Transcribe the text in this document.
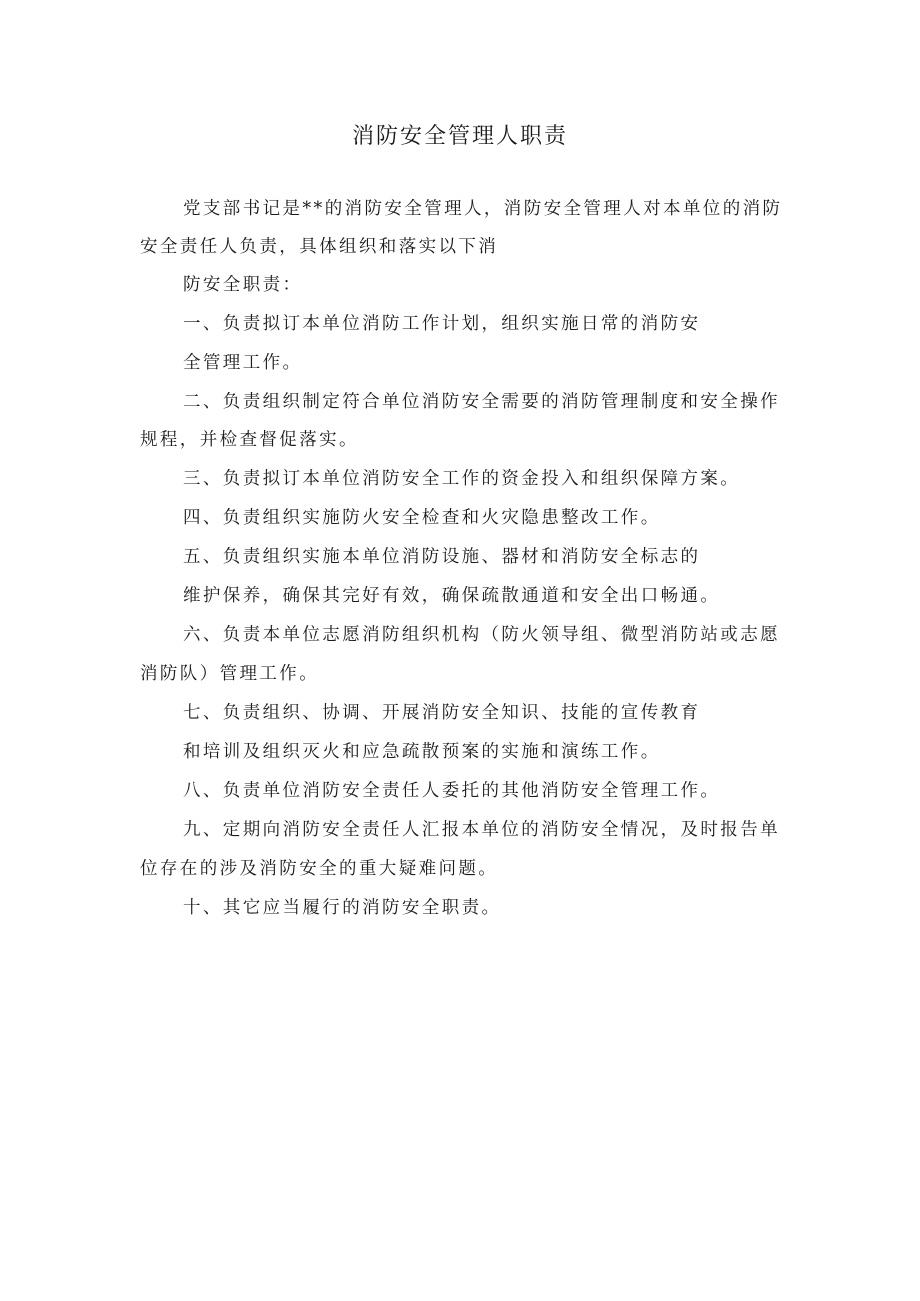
消防安全管理人职责
党支部书记是**的消防安全管理人，消防安全管理人对本单位的消防
安全责任人负责，具体组织和落实以下消
防安全职责：
一、负责拟订本单位消防工作计划，组织实施日常的消防安
全管理工作。
二、负责组织制定符合单位消防安全需要的消防管理制度和安全操作
规程，并检查督促落实。
三、负责拟订本单位消防安全工作的资金投入和组织保障方案。
四、负责组织实施防火安全检查和火灾隐患整改工作。
五、负责组织实施本单位消防设施、器材和消防安全标志的
维护保养，确保其完好有效，确保疏散通道和安全出口畅通。
六、负责本单位志愿消防组织机构（防火领导组、微型消防站或志愿
消防队）管理工作。
七、负责组织、协调、开展消防安全知识、技能的宣传教育
和培训及组织灭火和应急疏散预案的实施和演练工作。
八、负责单位消防安全责任人委托的其他消防安全管理工作。
九、定期向消防安全责任人汇报本单位的消防安全情况，及时报告单
位存在的涉及消防安全的重大疑难问题。
十、其它应当履行的消防安全职责。
